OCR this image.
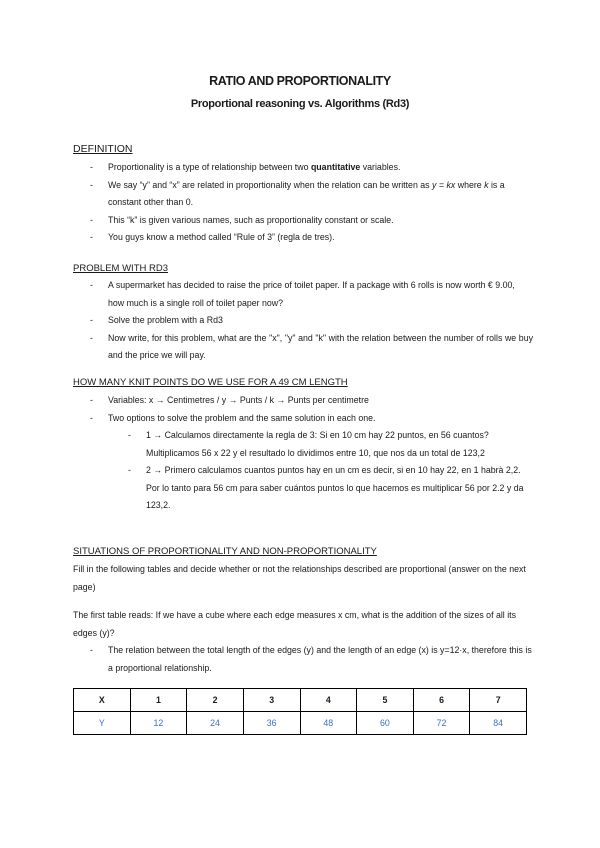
RATIO AND PROPORTIONALITY
Proportional reasoning vs. Algorithms (Rd3)
DEFINITION
- Proportionality is a type of relationship between two quantitative variables.
- We say “y” and “x” are related in proportionality when the relation can be written as y = kx where k is a constant other than 0.
- This “k” is given various names, such as proportionality constant or scale.
- You guys know a method called “Rule of 3” (regla de tres).
PROBLEM WITH RD3
- A supermarket has decided to raise the price of toilet paper. If a package with 6 rolls is now worth € 9.00, how much is a single roll of toilet paper now?
- Solve the problem with a Rd3
- Now write, for this problem, what are the "x", "y" and "k" with the relation between the number of rolls we buy and the price we will pay.
HOW MANY KNIT POINTS DO WE USE FOR A 49 CM LENGTH
- Variables: x → Centimetres / y → Punts / k → Punts per centimetre
- Two options to solve the problem and the same solution in each one.
- 1 → Calculamos directamente la regla de 3: Si en 10 cm hay 22 puntos, en 56 cuantos? Multiplicamos 56 x 22 y el resultado lo dividimos entre 10, que nos da un total de 123,2
- 2 → Primero calculamos cuantos puntos hay en un cm es decir, si en 10 hay 22, en 1 habrà 2,2. Por lo tanto para 56 cm para saber cuántos puntos lo que hacemos es multiplicar 56 por 2.2 y da 123,2.
SITUATIONS OF PROPORTIONALITY AND NON-PROPORTIONALITY
Fill in the following tables and decide whether or not the relationships described are proportional (answer on the next page)
The first table reads: If we have a cube where each edge measures x cm, what is the addition of the sizes of all its edges (y)?
- The relation between the total length of the edges (y) and the length of an edge (x) is y=12·x, therefore this is a proportional relationship.
X	1	2	3	4	5	6	7
Y	12	24	36	48	60	72	84
